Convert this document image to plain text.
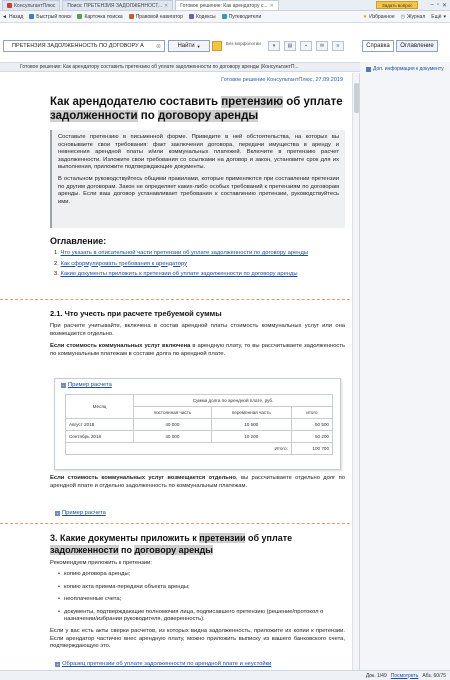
КонсультантПлюс Поиск: ПРЕТЕНЗИЯ ЗАДОЛЖЕННОСТ... ✕ Готовое решение: Как арендатору с... ✕	Задать вопрос	– ▫ ✕
◄ Назад	Быстрый поиск	Карточка поиска	Правовой навигатор	Кодексы	Путеводители	★ Избранное ◷ Журнал Ещё ▾
ПРЕТЕНЗИЯ ЗАДОЛЖЕННОСТЬ ПО ДОГОВОРУ А ⊗	Найти ▼	Без морфологии ▾ ▤	▪	✉ ≡	Справка	Оглавление
Готовое решение: Как арендатору составить претензию об уплате задолженности по договору аренды (КонсультантП...
Готовое решение КонсультантПлюс, 27.09.2019
Как арендодателю составить претензию об уплате задолженности по договору аренды

Составьте претензию в письменной форме. Приведите в ней обстоятельства, на которых вы основываете свои требования: факт заключения договора, передачи имущества в аренду и невнесения арендной платы и/или коммунальных платежей. Включите в претензию расчет задолженности. Изложите свои требования со ссылками на договор и закон, установите срок для их выполнения, приложите подтверждающие документы.

В остальном руководствуйтесь общими правилами, которые применяются при составлении претензии по другим договорам. Закон не определяет каких-либо особых требований к претензиям по договорам аренды. Если ваш договор устанавливает требования к составлению претензии, руководствуйтесь ими.

Оглавление:
1. Что указать в описательной части претензии об уплате задолженности по договору аренды
2. Как сформулировать требования к арендатору
3. Какие документы приложить к претензии об уплате задолженности по договору аренды
2.1. Что учесть при расчете требуемой суммы
При расчете учитывайте, включена в состав арендной платы стоимость коммунальных услуг или она возмещается отдельно.
Если стоимость коммунальных услуг включена в арендную плату, то вы рассчитываете задолженность по коммунальным платежам в составе долга по арендной плате.
− Пример расчета
Месяц	Сумма долга по арендной плате, руб.		
	постоянная часть	переменная часть	итого
Август 2018	40 000	10 500	50 500
Сентябрь 2018	40 000	10 200	50 200
Итого:			100 700
Если стоимость коммунальных услуг возмещается отдельно, вы рассчитываете отдельно долг по арендной плате и отдельно задолженность по коммунальным платежам.
+ Пример расчета
3. Какие документы приложить к претензии об уплате задолженности по договору аренды
Рекомендуем приложить к претензии:
• копию договора аренды;
• копию акта приема-передачи объекта аренды;
• неоплаченные счета;
• документы, подтверждающие полномочия лица, подписавшего претензию (решение/протокол о назначении/избрании руководителя, доверенность).
Если у вас есть акты сверки расчетов, из которых видна задолженность, приложите их копии к претензии. Если арендатор частично внес арендную плату, можно приложить выписку из вашего банковского счета, подтверждающую это.
+ Образец претензии об уплате задолженности по арендной плате и неустойки
Доп. информация к документу
Док. 1/49 Посмотреть Абз. 60/75
